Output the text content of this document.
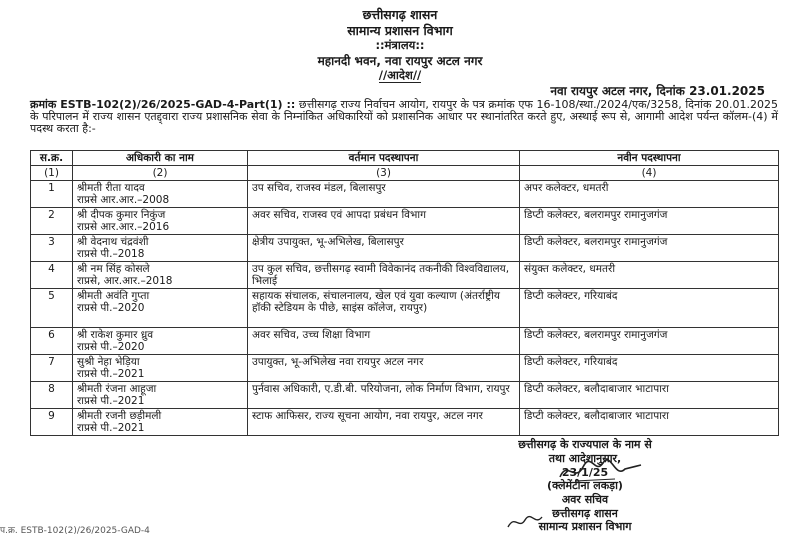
छत्तीसगढ़ शासन
सामान्य प्रशासन विभाग
::मंत्रालय::
महानदी भवन, नवा रायपुर अटल नगर
//आदेश//
नवा रायपुर अटल नगर, दिनांक 23.01.2025
क्रमांक ESTB-102(2)/26/2025-GAD-4-Part(1) :: छत्तीसगढ़ राज्य निर्वाचन आयोग, रायपुर के पत्र क्रमांक एफ 16-108/स्था./2024/एक/3258, दिनांक 20.01.2025 के परिपालन में राज्य शासन एतद्द्वारा राज्य प्रशासनिक सेवा के निम्नांकित अधिकारियों को प्रशासनिक आधार पर स्थानांतरित करते हुए, अस्थाई रूप से, आगामी आदेश पर्यन्त कॉलम-(4) में पदस्थ करता है:-
स.क्र.	अधिकारी का नाम	वर्तमान पदस्थापना	नवीन पदस्थापना
(1)	(2)	(3)	(4)
1	श्रीमती रीता यादव
राप्रसे आर.आर.–2008	उप सचिव, राजस्व मंडल, बिलासपुर	अपर कलेक्टर, धमतरी
2	श्री दीपक कुमार निकुंज
राप्रसे आर.आर.–2016	अवर सचिव, राजस्व एवं आपदा प्रबंधन विभाग	डिप्टी कलेक्टर, बलरामपुर रामानुजगंज
3	श्री वेदनाथ चंद्रवंशी
राप्रसे पी.–2018	क्षेत्रीय उपायुक्त, भू-अभिलेख, बिलासपुर	डिप्टी कलेक्टर, बलरामपुर रामानुजगंज
4	श्री नम सिंह कोसले
राप्रसे, आर.आर.–2018	उप कुल सचिव, छत्तीसगढ़ स्वामी विवेकानंद तकनीकी विश्वविद्यालय, भिलाई	संयुक्त कलेक्टर, धमतरी
5	श्रीमती अवंति गुप्ता
राप्रसे पी.–2020	सहायक संचालक, संचालनालय, खेल एवं युवा कल्याण (अंतर्राष्ट्रीय हॉकी स्टेडियम के पीछे, साइंस कॉलेज, रायपुर)	डिप्टी कलेक्टर, गरियाबंद
6	श्री राकेश कुमार ध्रुव
राप्रसे पी.–2020	अवर सचिव, उच्च शिक्षा विभाग	डिप्टी कलेक्टर, बलरामपुर रामानुजगंज
7	सुश्री नेहा भेड़िया
राप्रसे पी.–2021	उपायुक्त, भू-अभिलेख नवा रायपुर अटल नगर	डिप्टी कलेक्टर, गरियाबंद
8	श्रीमती रंजना आहूजा
राप्रसे पी.–2021	पुर्नवास अधिकारी, ए.डी.बी. परियोजना, लोक निर्माण विभाग, रायपुर	डिप्टी कलेक्टर, बलौदाबाजार भाटापारा
9	श्रीमती रजनी छड़ीमली
राप्रसे पी.–2021	स्टाफ आफिसर, राज्य सूचना आयोग, नवा रायपुर, अटल नगर	डिप्टी कलेक्टर, बलौदाबाजार भाटापारा
छत्तीसगढ़ के राज्यपाल के नाम से
तथा आदेशानुसार,
23/1/25
(क्लेमेंटीना लकड़ा)
अवर सचिव
छत्तीसगढ़ शासन
सामान्य प्रशासन विभाग
प.क्र. ESTB-102(2)/26/2025-GAD-4
